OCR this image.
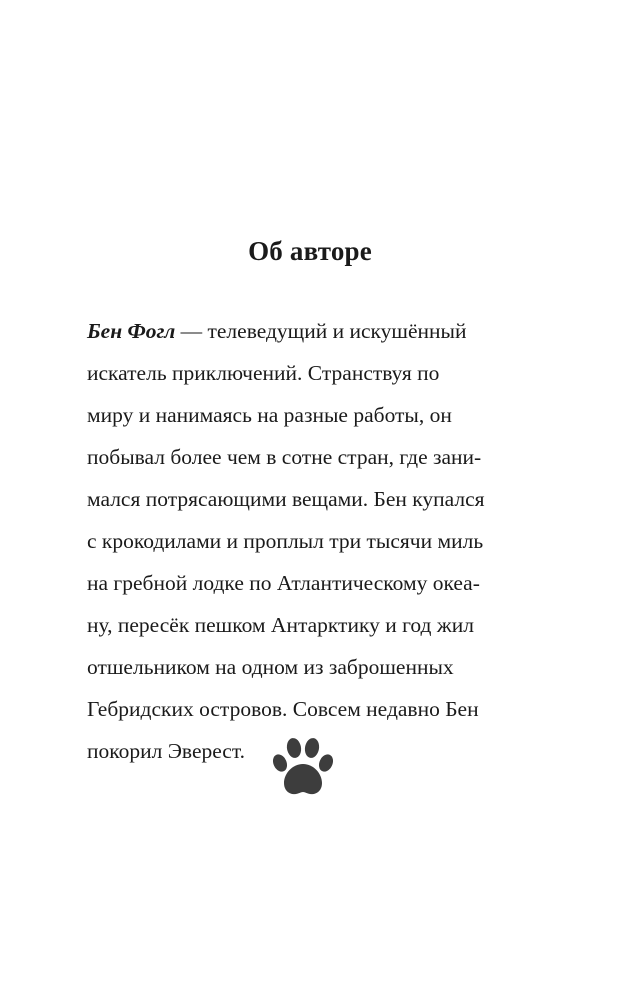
Об авторе
Бен Фогл — телеведущий и искушённый
искатель приключений. Странствуя по
миру и нанимаясь на разные работы, он
побывал более чем в сотне стран, где зани-
мался потрясающими вещами. Бен купался
с крокодилами и проплыл три тысячи миль
на гребной лодке по Атлантическому океа-
ну, пересёк пешком Антарктику и год жил
отшельником на одном из заброшенных
Гебридских островов. Совсем недавно Бен
покорил Эверест.
